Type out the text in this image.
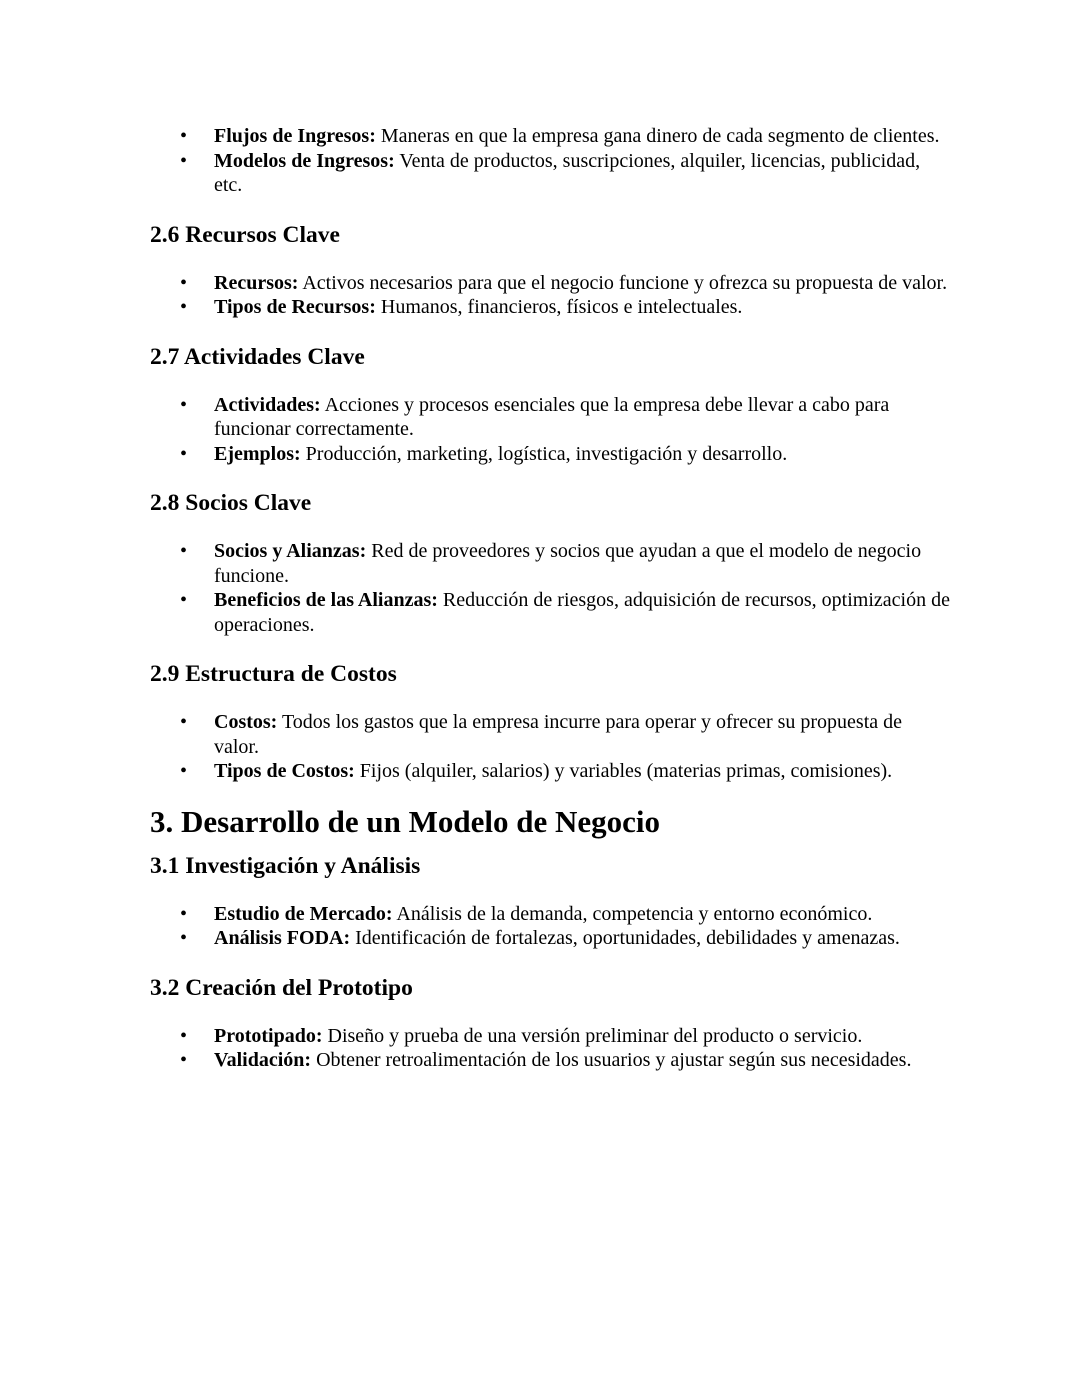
• Flujos de Ingresos: Maneras en que la empresa gana dinero de cada segmento de clientes.
• Modelos de Ingresos: Venta de productos, suscripciones, alquiler, licencias, publicidad, etc.
2.6 Recursos Clave
• Recursos: Activos necesarios para que el negocio funcione y ofrezca su propuesta de valor.
• Tipos de Recursos: Humanos, financieros, físicos e intelectuales.
2.7 Actividades Clave
• Actividades: Acciones y procesos esenciales que la empresa debe llevar a cabo para funcionar correctamente.
• Ejemplos: Producción, marketing, logística, investigación y desarrollo.
2.8 Socios Clave
• Socios y Alianzas: Red de proveedores y socios que ayudan a que el modelo de negocio funcione.
• Beneficios de las Alianzas: Reducción de riesgos, adquisición de recursos, optimización de operaciones.
2.9 Estructura de Costos
• Costos: Todos los gastos que la empresa incurre para operar y ofrecer su propuesta de valor.
• Tipos de Costos: Fijos (alquiler, salarios) y variables (materias primas, comisiones).
3. Desarrollo de un Modelo de Negocio
3.1 Investigación y Análisis
• Estudio de Mercado: Análisis de la demanda, competencia y entorno económico.
• Análisis FODA: Identificación de fortalezas, oportunidades, debilidades y amenazas.
3.2 Creación del Prototipo
• Prototipado: Diseño y prueba de una versión preliminar del producto o servicio.
• Validación: Obtener retroalimentación de los usuarios y ajustar según sus necesidades.
